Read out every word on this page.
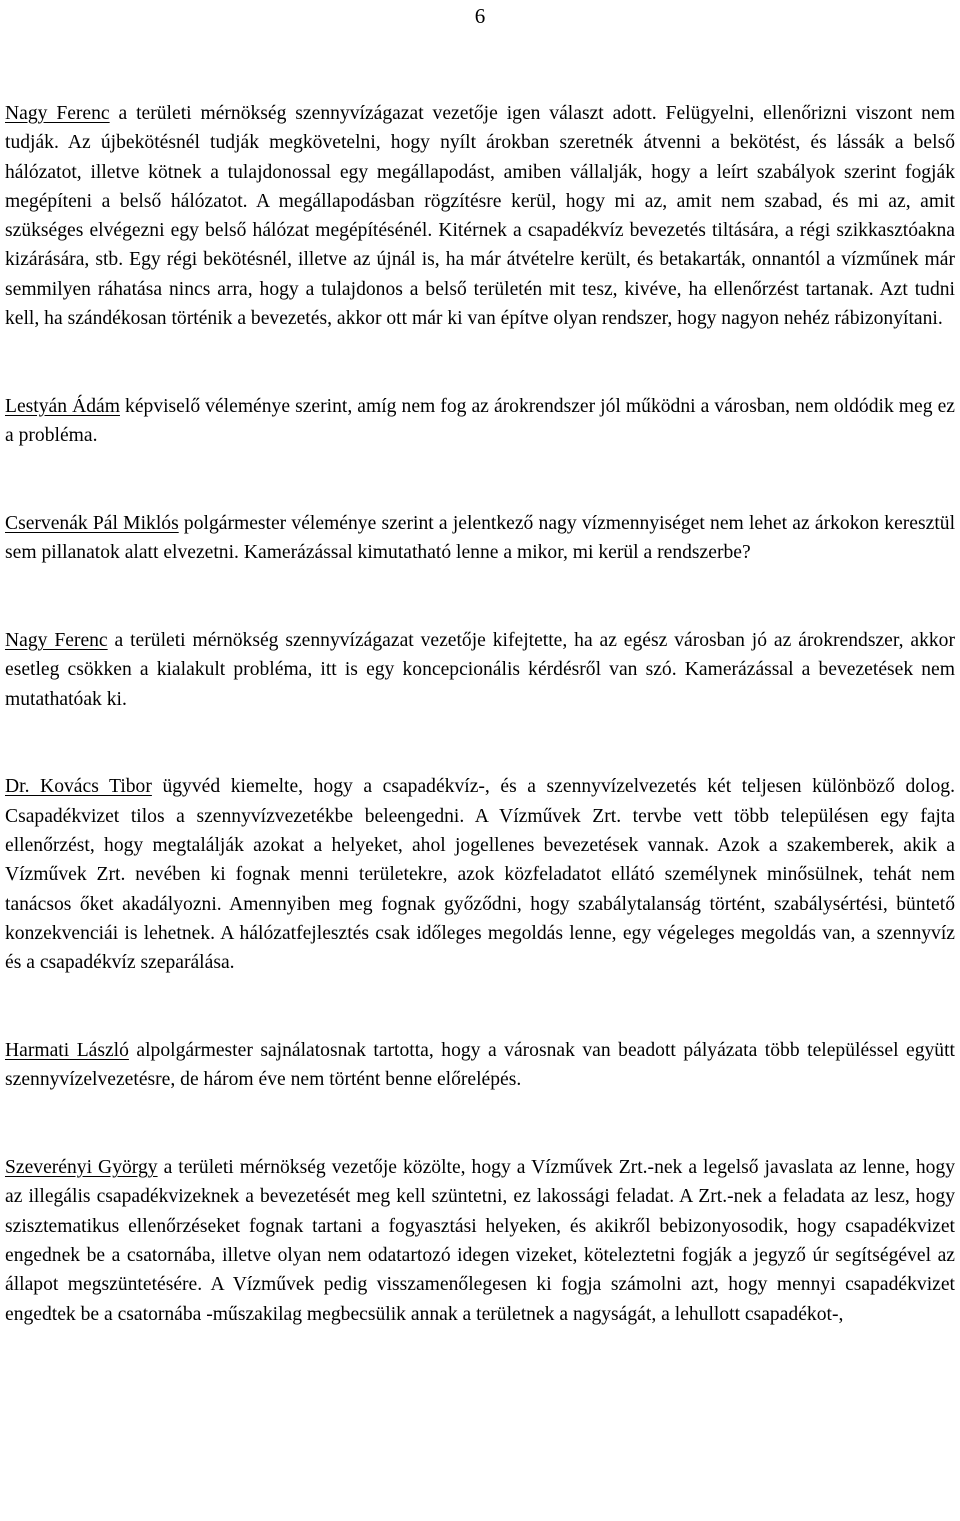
6

Nagy Ferenc a területi mérnökség szennyvízágazat vezetője igen választ adott. Felügyelni, ellenőrizni viszont nem tudják. Az újbekötésnél tudják megkövetelni, hogy nyílt árokban szeretnék átvenni a bekötést, és lássák a belső hálózatot, illetve kötnek a tulajdonossal egy megállapodást, amiben vállalják, hogy a leírt szabályok szerint fogják megépíteni a belső hálózatot. A megállapodásban rögzítésre kerül, hogy mi az, amit nem szabad, és mi az, amit szükséges elvégezni egy belső hálózat megépítésénél. Kitérnek a csapadékvíz bevezetés tiltására, a régi szikkasztóakna kizárására, stb. Egy régi bekötésnél, illetve az újnál is, ha már átvételre került, és betakarták, onnantól a vízműnek már semmilyen ráhatása nincs arra, hogy a tulajdonos a belső területén mit tesz, kivéve, ha ellenőrzést tartanak. Azt tudni kell, ha szándékosan történik a bevezetés, akkor ott már ki van építve olyan rendszer, hogy nagyon nehéz rábizonyítani.

Lestyán Ádám képviselő véleménye szerint, amíg nem fog az árokrendszer jól működni a városban, nem oldódik meg ez a probléma.

Cservenák Pál Miklós polgármester véleménye szerint a jelentkező nagy vízmennyiséget nem lehet az árkokon keresztül sem pillanatok alatt elvezetni. Kamerázással kimutatható lenne a mikor, mi kerül a rendszerbe?

Nagy Ferenc a területi mérnökség szennyvízágazat vezetője kifejtette, ha az egész városban jó az árokrendszer, akkor esetleg csökken a kialakult probléma, itt is egy koncepcionális kérdésről van szó. Kamerázással a bevezetések nem mutathatóak ki.

Dr. Kovács Tibor ügyvéd kiemelte, hogy a csapadékvíz-, és a szennyvízelvezetés két teljesen különböző dolog. Csapadékvizet tilos a szennyvízvezetékbe beleengedni. A Vízművek Zrt. tervbe vett több településen egy fajta ellenőrzést, hogy megtalálják azokat a helyeket, ahol jogellenes bevezetések vannak. Azok a szakemberek, akik a Vízművek Zrt. nevében ki fognak menni területekre, azok közfeladatot ellátó személynek minősülnek, tehát nem tanácsos őket akadályozni. Amennyiben meg fognak győződni, hogy szabálytalanság történt, szabálysértési, büntető konzekvenciái is lehetnek. A hálózatfejlesztés csak időleges megoldás lenne, egy végeleges megoldás van, a szennyvíz és a csapadékvíz szeparálása.

Harmati László alpolgármester sajnálatosnak tartotta, hogy a városnak van beadott pályázata több településsel együtt szennyvízelvezetésre, de három éve nem történt benne előrelépés.

Szeverényi György a területi mérnökség vezetője közölte, hogy a Vízművek Zrt.-nek a legelső javaslata az lenne, hogy az illegális csapadékvizeknek a bevezetését meg kell szüntetni, ez lakossági feladat. A Zrt.-nek a feladata az lesz, hogy szisztematikus ellenőrzéseket fognak tartani a fogyasztási helyeken, és akikről bebizonyosodik, hogy csapadékvizet engednek be a csatornába, illetve olyan nem odatartozó idegen vizeket, köteleztetni fogják a jegyző úr segítségével az állapot megszüntetésére. A Vízművek pedig visszamenőlegesen ki fogja számolni azt, hogy mennyi csapadékvizet engedtek be a csatornába -műszakilag megbecsülik annak a területnek a nagyságát, a lehullott csapadékot-,
